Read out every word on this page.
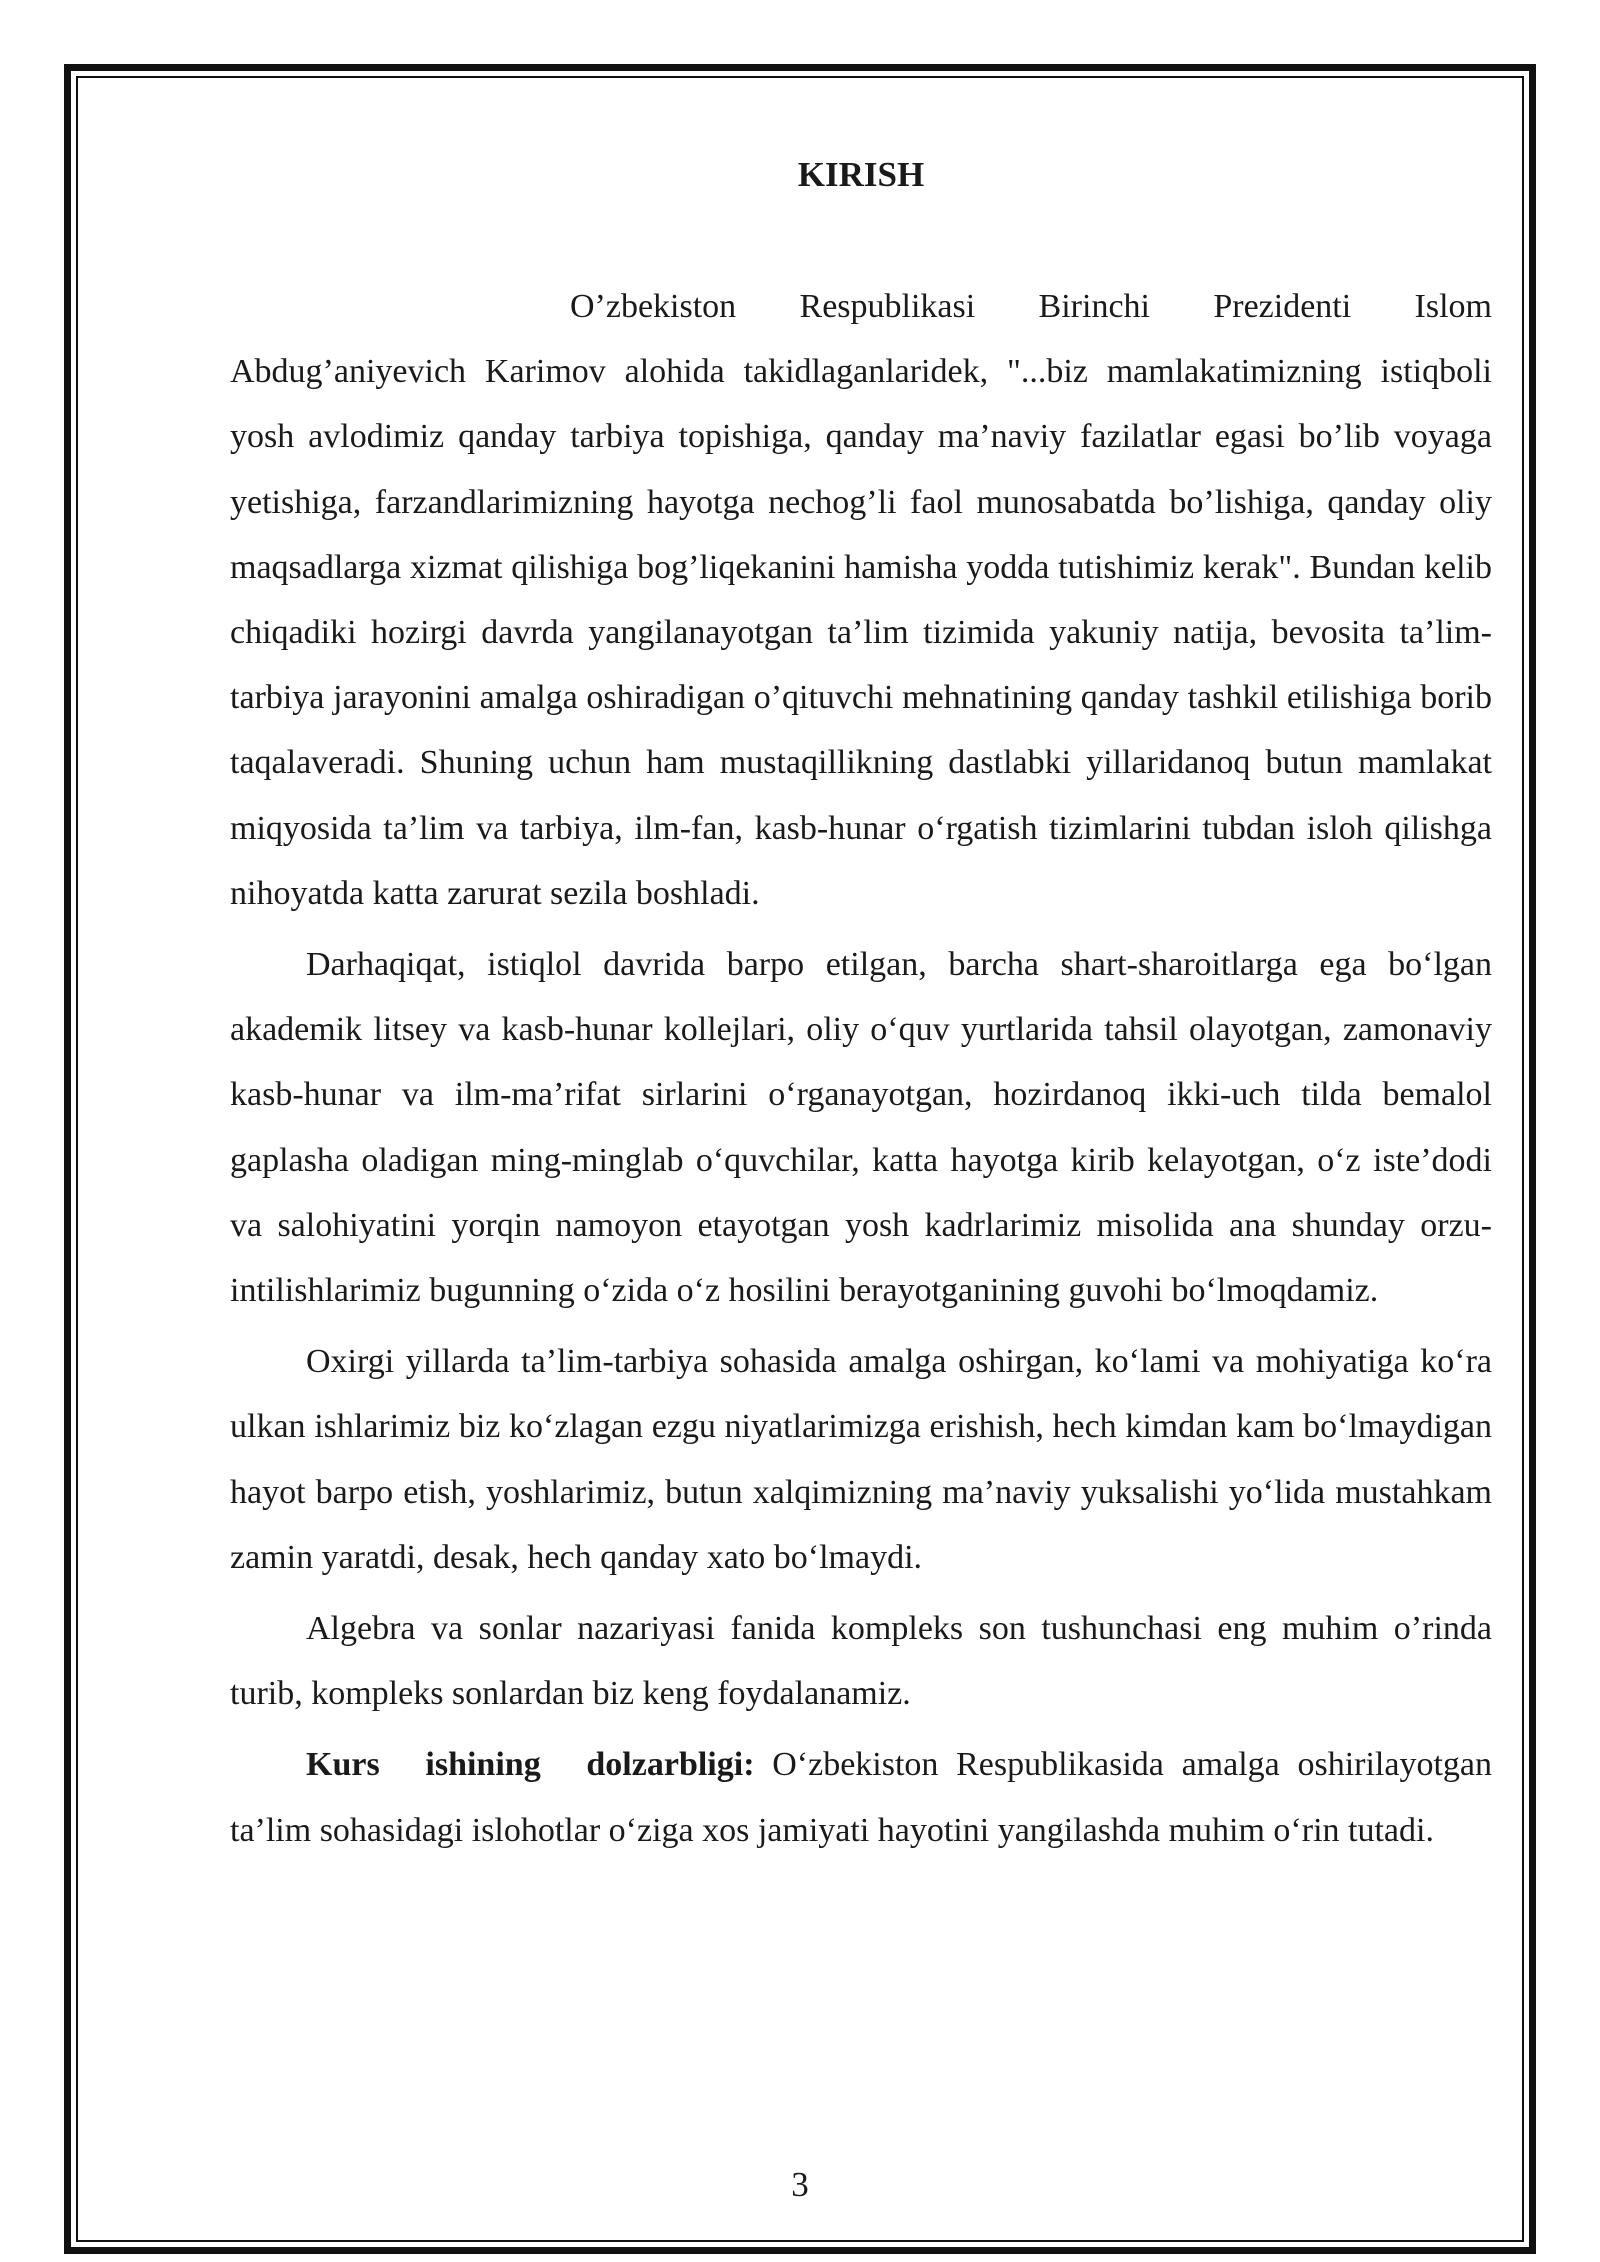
KIRISH

O’zbekiston Respublikasi Birinchi Prezidenti Islom Abdug’aniyevich Karimov alohida takidlaganlaridek, "...biz mamlakatimizning istiqboli yosh avlodimiz qanday tarbiya topishiga, qanday ma’naviy fazilatlar egasi bo’lib voyaga yetishiga, farzandlarimizning hayotga nechog’li faol munosabatda bo’lishiga, qanday oliy maqsadlarga xizmat qilishiga bog’liqekanini hamisha yodda tutishimiz kerak". Bundan kelib chiqadiki hozirgi davrda yangilanayotgan ta’lim tizimida yakuniy natija, bevosita ta’lim-tarbiya jarayonini amalga oshiradigan o’qituvchi mehnatining qanday tashkil etilishiga borib taqalaveradi. Shuning uchun ham mustaqillikning dastlabki yillaridanoq butun mamlakat miqyosida ta’lim va tarbiya, ilm-fan, kasb-hunar o‘rgatish tizimlarini tubdan isloh qilishga nihoyatda katta zarurat sezila boshladi.

Darhaqiqat, istiqlol davrida barpo etilgan, barcha shart-sharoitlarga ega bo‘lgan akademik litsey va kasb-hunar kollejlari, oliy o‘quv yurtlarida tahsil olayotgan, zamonaviy kasb-hunar va ilm-ma’rifat sirlarini o‘rganayotgan, hozirdanoq ikki-uch tilda bemalol gaplasha oladigan ming-minglab o‘quvchilar, katta hayotga kirib kelayotgan, o‘z iste’dodi va salohiyatini yorqin namoyon etayotgan yosh kadrlarimiz misolida ana shunday orzu-intilishlarimiz bugunning o‘zida o‘z hosilini berayotganining guvohi bo‘lmoqdamiz.

Oxirgi yillarda ta’lim-tarbiya sohasida amalga oshirgan, ko‘lami va mohiyatiga ko‘ra ulkan ishlarimiz biz ko‘zlagan ezgu niyatlarimizga erishish, hech kimdan kam bo‘lmaydigan hayot barpo etish, yoshlarimiz, butun xalqimizning ma’naviy yuksalishi yo‘lida mustahkam zamin yaratdi, desak, hech qanday xato bo‘lmaydi.

Algebra va sonlar nazariyasi fanida kompleks son tushunchasi eng muhim o’rinda turib, kompleks sonlardan biz keng foydalanamiz.

Kurs ishining dolzarbligi: O‘zbekiston Respublikasida amalga oshirilayotgan ta’lim sohasidagi islohotlar o‘ziga xos jamiyati hayotini yangilashda muhim o‘rin tutadi.

3
